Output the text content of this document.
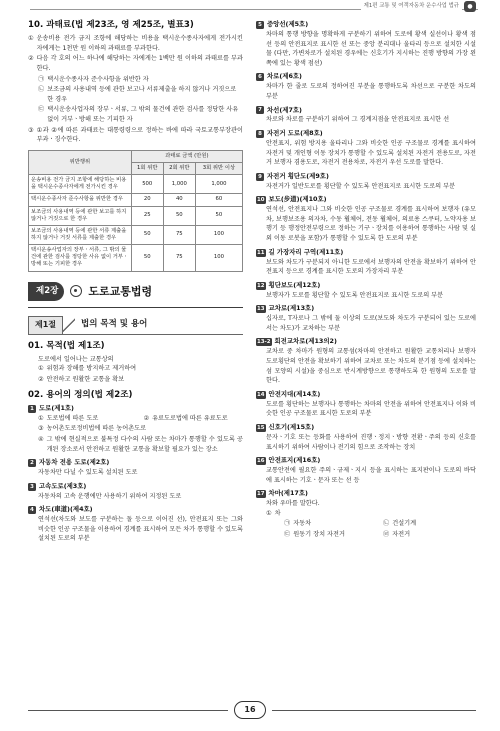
제1편 교통 및 여객자동차 운수사업 법규	●
10. 과태료(법 제23조, 영 제25조, 별표3)
① 운송비용 전가 금지 조항에 해당하는 비용을 택시운수종사자에게 전가시킨 자에게는 1천만 원 이하의 과태료를 부과한다.
② 다음 각 호의 어느 하나에 해당하는 자에게는 1백만 원 이하의 과태료를 부과한다.
㉠ 택시운수종사자 준수사항을 위반한 자
㉡ 보조금의 사용내역 등에 관한 보고나 서류제출을 하지 않거나 거짓으로 한 경우
㉢ 택시운송사업자의 장부ㆍ서류, 그 밖의 물건에 관한 검사를 정당한 사유 없이 거부ㆍ방해 또는 기피한 자
③ ①과 ②에 따른 과태료는 대통령령으로 정하는 바에 따라 국토교통부장관이 부과ㆍ징수한다.
위반행위	과태료 금액 (만원)		
	1회 위반	2회 위반	3회 위반 이상
운송비용 전가 금지 조항에 해당하는 비용을 택시운수종사자에게 전가시킨 경우	500	1,000	1,000
택시운수종사자 준수사항을 위반한 경우	20	40	60
보조금의 사용내역 등에 관한 보고를 하지 않거나 거짓으로 한 경우	25	50	50
보조금의 사용내역 등에 관한 서류 제출을 하지 않거나 거짓 서류를 제출한 경우	50	75	100
택시운송사업자의 장부ㆍ서류, 그 밖의 물건에 관한 검사를 정당한 사유 없이 거부ㆍ방해 또는 기피한 경우	50	75	100
제2장	도로교통법령
제1절	법의 목적 및 용어
01. 목적(법 제1조)
도로에서 일어나는 교통상의
① 위험과 장해를 방지하고 제거하여
② 안전하고 원활한 교통을 확보
02. 용어의 정의(법 제2조)
1 도로(제1호)
① 도로법에 따른 도로	② 유료도로법에 따른 유료도로
③ 농어촌도로정비법에 따른 농어촌도로
④ 그 밖에 현실적으로 불특정 다수의 사람 또는 차마가 통행할 수 있도록 공개된 장소로서 안전하고 원활한 교통을 확보할 필요가 있는 장소
2 자동차 전용 도로(제2호)
자동차만 다닐 수 있도록 설치된 도로
3 고속도로(제3호)
자동차의 고속 운행에만 사용하기 위하여 지정된 도로
4 차도(車道)(제4호)
연석선(차도와 보도를 구분하는 돌 등으로 이어진 선), 안전표지 또는 그와 비슷한 인공 구조물을 이용하여 경계를 표시하여 모든 차가 통행할 수 있도록 설치된 도로의 부분
5 중앙선(제5호)
차마의 통행 방향을 명확하게 구분하기 위하여 도로에 황색 실선이나 황색 점선 등의 안전표지로 표시한 선 또는 중앙 분리대나 울타리 등으로 설치한 시설물 (다만, 가변차로가 설치된 경우에는 신호기가 지시하는 진행 방향의 가장 왼쪽에 있는 황색 점선)
6 차로(제6호)
차마가 한 줄로 도로의 정하여진 부분을 통행하도록 차선으로 구분한 차도의 부분
7 차선(제7호)
차로와 차로를 구분하기 위하여 그 경계지점을 안전표지로 표시한 선
8 자전거 도로(제8호)
안전표지, 위험 방지용 울타리나 그와 비슷한 인공 구조물로 경계를 표시하여 자전거 및 개인형 이동 장치가 통행할 수 있도록 설치된 자전거 전용도로, 자전거 보행자 겸용도로, 자전거 전용차로, 자전거 우선 도로를 말한다.
9 자전거 횡단도(제9호)
자전거가 일반도로를 횡단할 수 있도록 안전표지로 표시한 도로의 부분
10 보도(步道)(제10호)
연석선, 안전표지나 그와 비슷한 인공 구조물로 경계를 표시하여 보행자 (유모차, 보행보조용 의자차, 수동 휠체어, 전동 휠체어, 의료용 스쿠터, 노약자용 보행기 등 행정안전부령으로 정하는 기구ㆍ장치를 이용하여 통행하는 사람 및 실외 이동 로봇을 포함)가 통행할 수 있도록 한 도로의 부분
11 길 가장자리 구역(제11호)
보도와 차도가 구분되지 아니한 도로에서 보행자의 안전을 확보하기 위하여 안전표지 등으로 경계를 표시한 도로의 가장자리 부분
12 횡단보도(제12호)
보행자가 도로를 횡단할 수 있도록 안전표지로 표시한 도로의 부분
13 교차로(제13호)
십자로, T자로나 그 밖에 둘 이상의 도로(보도와 차도가 구분되어 있는 도로에서는 차도)가 교차하는 부분
13-2 회전교차로(제13의2)
교차로 중 차마가 원형의 교통섬(차마의 안전하고 원활한 교통처리나 보행자 도로횡단의 안전을 확보하기 위하여 교차로 또는 차도의 분기점 등에 설치하는 섬 모양의 시설)을 중심으로 반시계방향으로 통행하도록 한 원형의 도로를 말한다.
14 안전지대(제14호)
도로를 횡단하는 보행자나 통행하는 차마의 안전을 위하여 안전표지나 이와 비슷한 인공 구조물로 표시한 도로의 부분
15 신호기(제15호)
문자ㆍ기호 또는 등화를 사용하여 진행ㆍ정지ㆍ방향 전환ㆍ주의 등의 신호를 표시하기 위하여 사람이나 전기의 힘으로 조작하는 장치
16 안전표지(제16호)
교통안전에 필요한 주의ㆍ규제ㆍ지시 등을 표시하는 표지판이나 도로의 바닥에 표시하는 기호ㆍ문자 또는 선 등
17 차마(제17호)
차와 우마를 말한다.
① 차
㉠ 자동차	㉡ 건설기계
㉢ 원동기 장치 자전거	㉣ 자전거
16
